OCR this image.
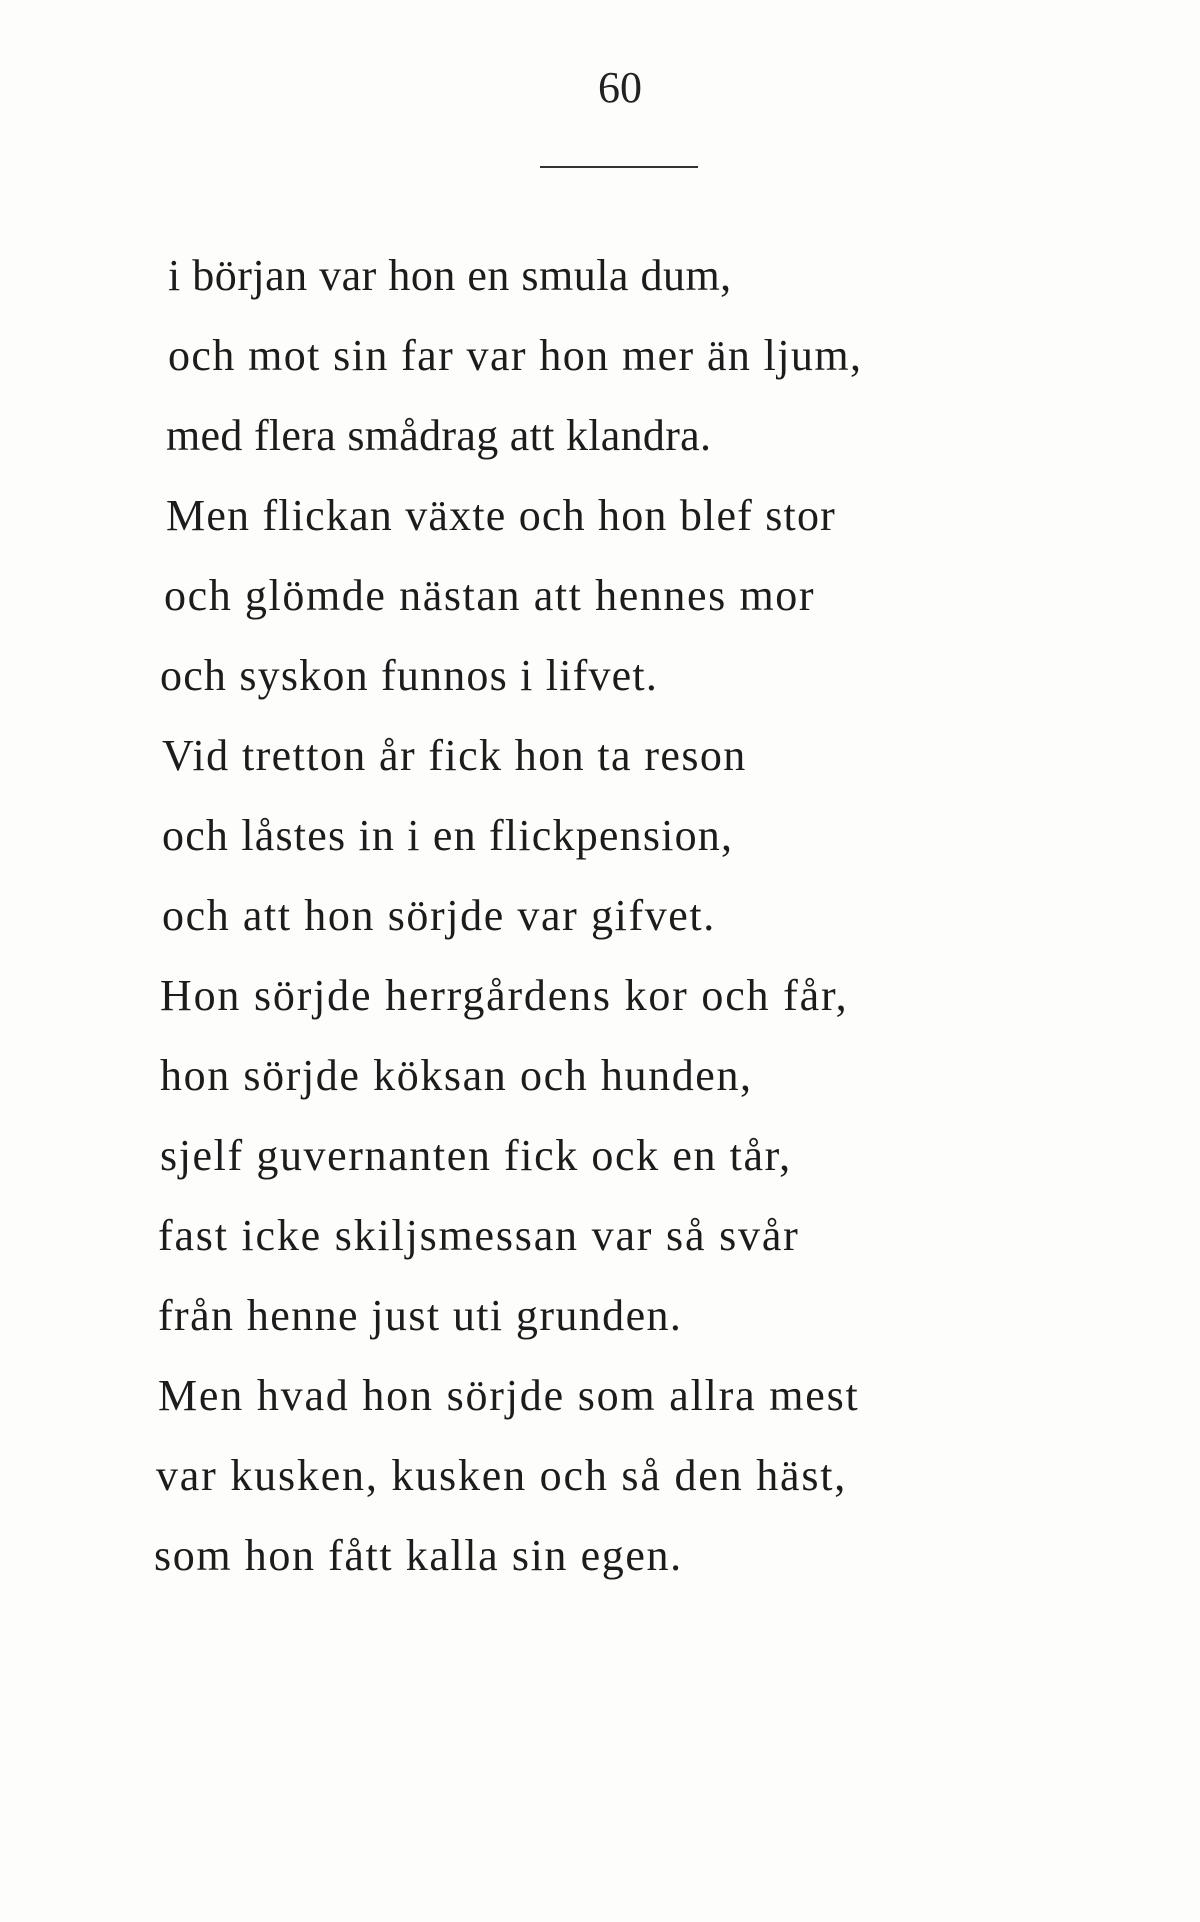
60
i början var hon en smula dum,
och mot sin far var hon mer än ljum,
med flera smådrag att klandra.
Men flickan växte och hon blef stor
och glömde nästan att hennes mor
och syskon funnos i lifvet.
Vid tretton år fick hon ta reson
och låstes in i en flickpension,
och att hon sörjde var gifvet.
Hon sörjde herrgårdens kor och får,
hon sörjde köksan och hunden,
sjelf guvernanten fick ock en tår,
fast icke skiljsmessan var så svår
från henne just uti grunden.
Men hvad hon sörjde som allra mest
var kusken, kusken och så den häst,
som hon fått kalla sin egen.
